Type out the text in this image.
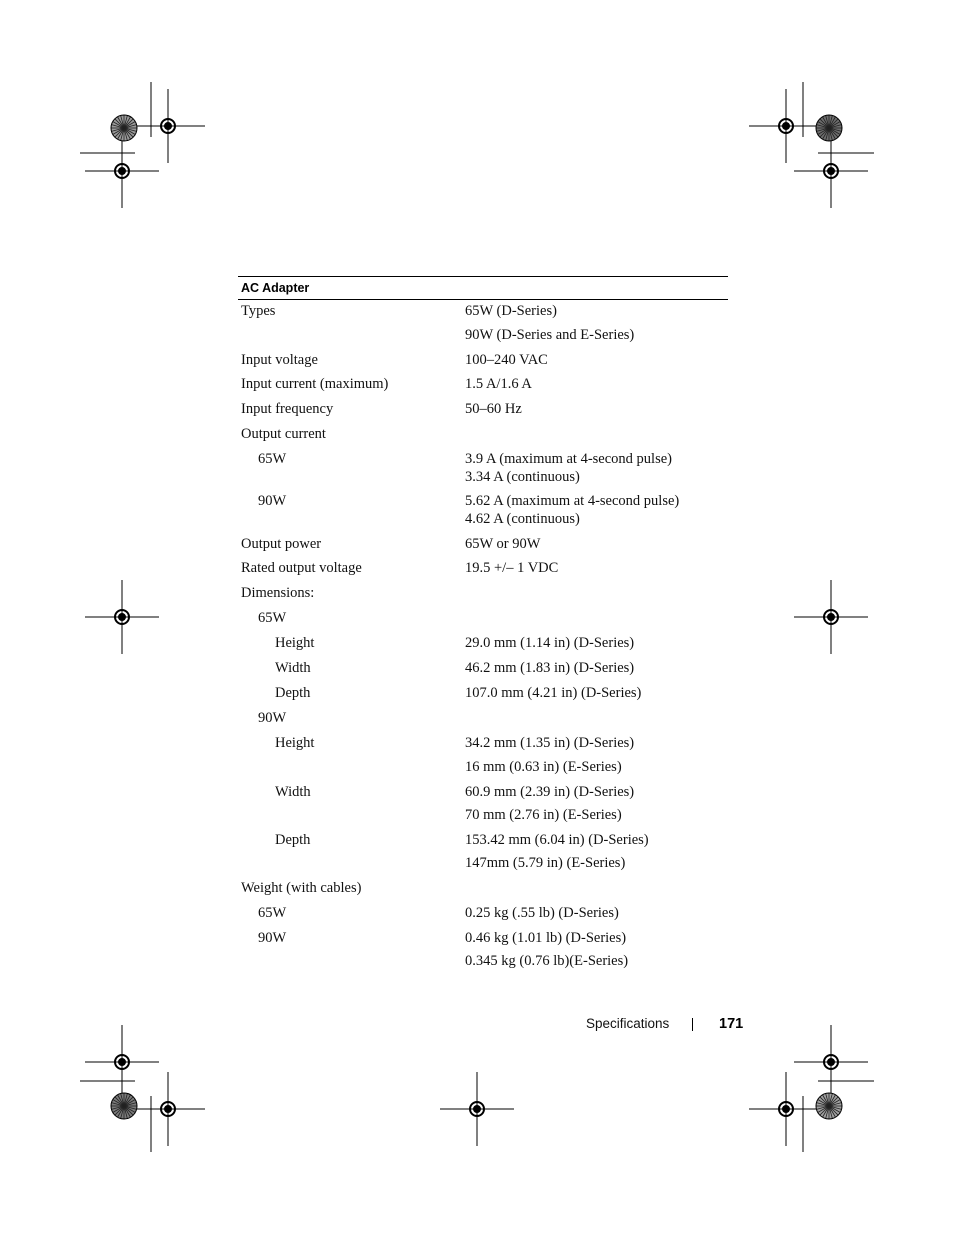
AC Adapter
Types	65W (D-Series)
90W (D-Series and E-Series)
Input voltage	100–240 VAC
Input current (maximum)	1.5 A/1.6 A
Input frequency	50–60 Hz
Output current
65W	3.9 A (maximum at 4-second pulse)
3.34 A (continuous)
90W	5.62 A (maximum at 4-second pulse)
4.62 A (continuous)
Output power	65W or 90W
Rated output voltage	19.5 +/– 1 VDC
Dimensions:
65W
Height	29.0 mm (1.14 in) (D-Series)
Width	46.2 mm (1.83 in) (D-Series)
Depth	107.0 mm (4.21 in) (D-Series)
90W
Height	34.2 mm (1.35 in) (D-Series)
16 mm (0.63 in) (E-Series)
Width	60.9 mm (2.39 in) (D-Series)
70 mm (2.76 in) (E-Series)
Depth	153.42 mm (6.04 in) (D-Series)
147mm (5.79 in) (E-Series)
Weight (with cables)
65W	0.25 kg (.55 lb) (D-Series)
90W	0.46 kg (1.01 lb) (D-Series)
0.345 kg (0.76 lb)(E-Series)
Specifications	171
